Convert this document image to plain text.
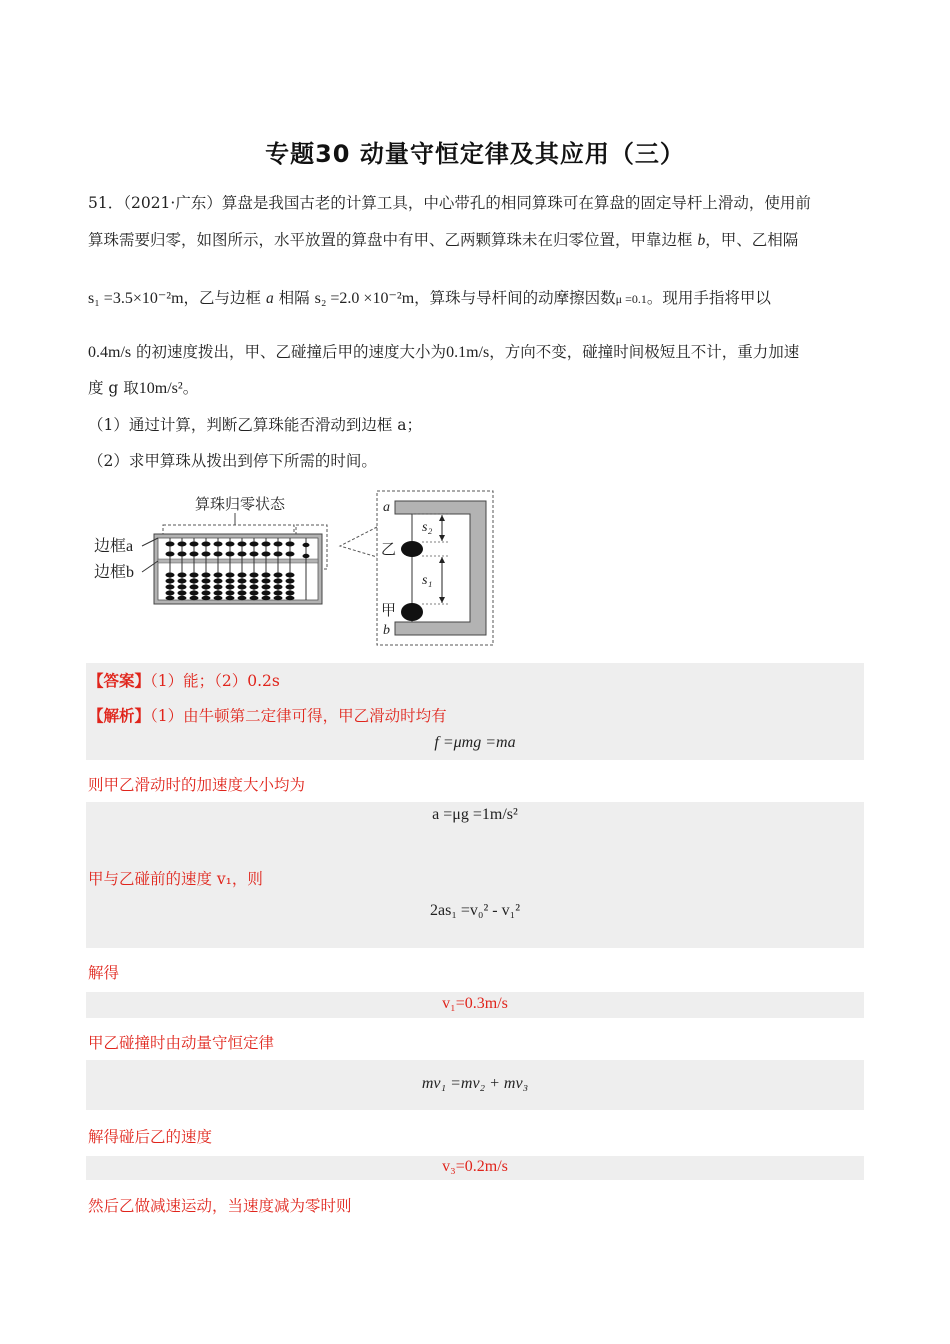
专题30 动量守恒定律及其应用（三）
51．（2021·广东）算盘是我国古老的计算工具，中心带孔的相同算珠可在算盘的固定导杆上滑动，使用前
算珠需要归零，如图所示，水平放置的算盘中有甲、乙两颗算珠未在归零位置，甲靠边框 b，甲、乙相隔
s₁ =3.5×10⁻²m，乙与边框 a 相隔 s₂ =2.0 ×10⁻²m，算珠与导杆间的动摩擦因数μ =0.1。现用手指将甲以
0.4m/s 的初速度拨出，甲、乙碰撞后甲的速度大小为0.1m/s，方向不变，碰撞时间极短且不计，重力加速
度 g 取10m/s²。
（1）通过计算，判断乙算珠能否滑动到边框 a；
（2）求甲算珠从拨出到停下所需的时间。
算珠归零状态
边框a
边框b
s₂
s₁
a
乙
甲
b
【答案】（1）能；（2）0.2s
【解析】（1）由牛顿第二定律可得，甲乙滑动时均有
f =μmg =ma
则甲乙滑动时的加速度大小均为
a =μg =1m/s²
甲与乙碰前的速度 v₁，则
2as₁ =v₀² - v₁²
解得
v₁=0.3m/s
甲乙碰撞时由动量守恒定律
mv₁ =mv₂ + mv₃
解得碰后乙的速度
v₃=0.2m/s
然后乙做减速运动，当速度减为零时则
